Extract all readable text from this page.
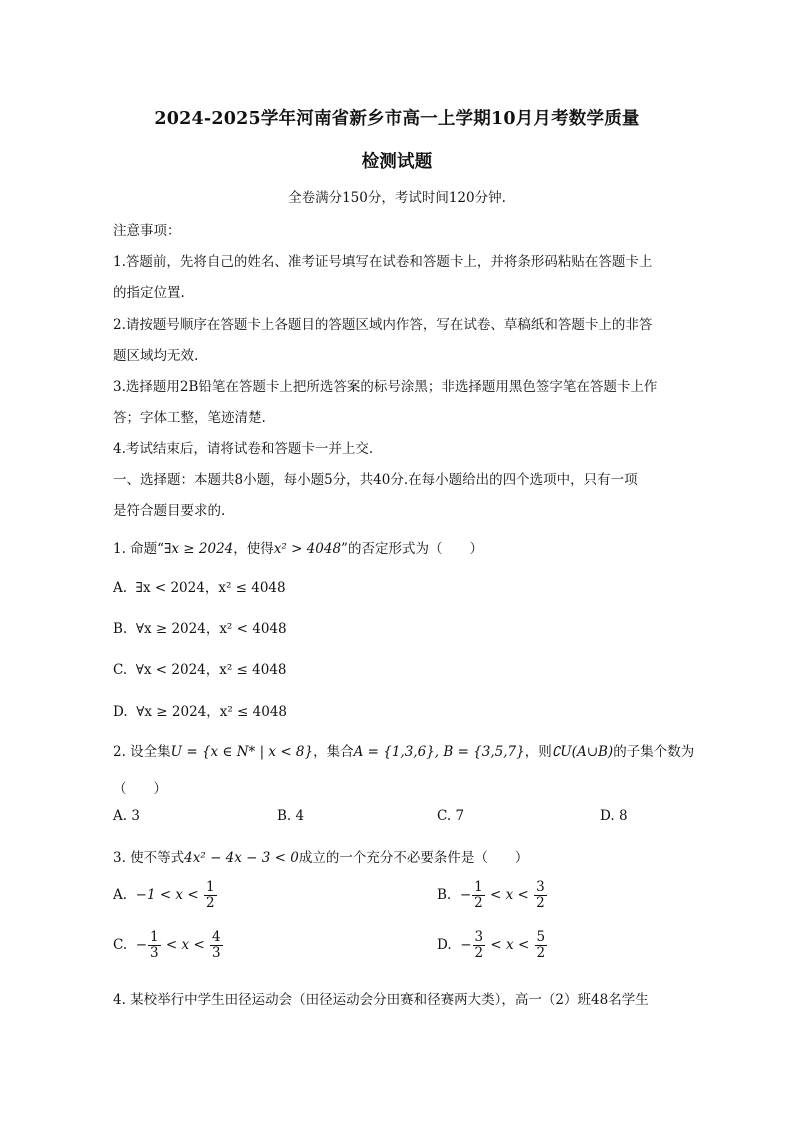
2024-2025学年河南省新乡市高一上学期10月月考数学质量
检测试题
全卷满分150分，考试时间120分钟.
注意事项：
1.答题前，先将自己的姓名、准考证号填写在试卷和答题卡上，并将条形码粘贴在答题卡上
的指定位置.
2.请按题号顺序在答题卡上各题目的答题区域内作答，写在试卷、草稿纸和答题卡上的非答
题区域均无效.
3.选择题用2B铅笔在答题卡上把所选答案的标号涂黑；非选择题用黑色签字笔在答题卡上作
答；字体工整，笔迹清楚.
4.考试结束后，请将试卷和答题卡一并上交.
一、选择题：本题共8小题，每小题5分，共40分.在每小题给出的四个选项中，只有一项
是符合题目要求的.
1. 命题“∃x ≥ 2024，使得x² > 4048”的否定形式为（　　）
A. ∃x < 2024，x² ≤ 4048
B. ∀x ≥ 2024，x² < 4048
C. ∀x < 2024，x² ≤ 4048
D. ∀x ≥ 2024，x² ≤ 4048
2. 设全集U = {x ∈ N* | x < 8}，集合A = {1,3,6}, B = {3,5,7}，则∁U(A∪B)的子集个数为
（　　）
A. 3	B. 4	C. 7	D. 8
3. 使不等式4x² − 4x − 3 < 0成立的一个充分不必要条件是（　　）
A. $-1 < x < \frac{1}{2}$	B. − $\frac{1}{2} < x < \frac{3}{2}$
C. − $\frac{1}{3} < x < \frac{4}{3}$	D. − $\frac{3}{2} < x < \frac{5}{2}$
4. 某校举行中学生田径运动会（田径运动会分田赛和径赛两大类），高一（2）班48名学生
